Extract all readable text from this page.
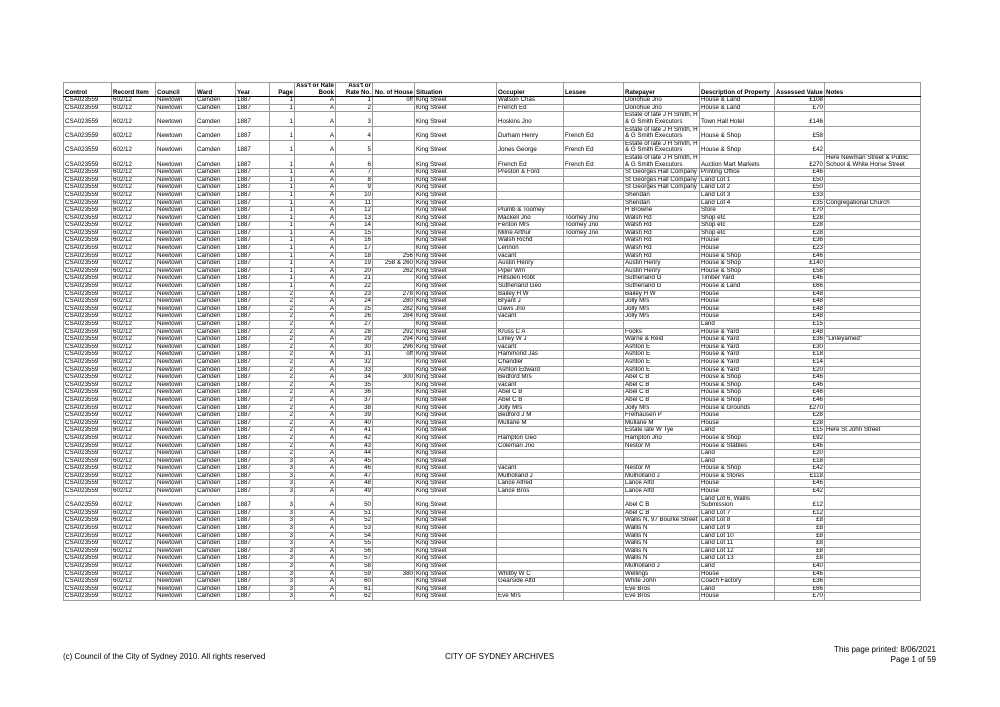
Control	Record Item	Council	Ward	Year	Page	Ass't or Rate Book	Ass't or Rate No.	No. of House	Situation	Occupier	Lessee	Ratepayer	Description of Property	Assessed Value	Notes
CSA023559	602/12	Newtown	Camden	1887	1	A	1	off	King Street	Watson Chas		Donohue Jno	House & Land	£108	
CSA023559	602/12	Newtown	Camden	1887	1	A	2		King Street	French Ed		Donohue Jno	House & Land	£70	
CSA023559	602/12	Newtown	Camden	1887	1	A	3		King Street	Hoskins Jno		Estate of late J H Smith, H & G Smith Executors	Town Hall Hotel	£146	
CSA023559	602/12	Newtown	Camden	1887	1	A	4		King Street	Durham Henry	French Ed	Estate of late J H Smith, H & G Smith Executors	House & Shop	£58	
CSA023559	602/12	Newtown	Camden	1887	1	A	5		King Street	Jones George	French Ed	Estate of late J H Smith, H & G Smith Executors	House & Shop	£42	
CSA023559	602/12	Newtown	Camden	1887	1	A	6		King Street	French Ed	French Ed	Estate of late J H Smith, H & G Smith Executors	Auction Mart Markets	£270	Here Newman Street & Public School & White Horse Street
CSA023559	602/12	Newtown	Camden	1887	1	A	7		King Street	Preston & Ford		St Georges Hall Company	Printing Office	£46	
CSA023559	602/12	Newtown	Camden	1887	1	A	8		King Street			St Georges Hall Company	Land Lot 1	£50	
CSA023559	602/12	Newtown	Camden	1887	1	A	9		King Street			St Georges Hall Company	Land Lot 2	£50	
CSA023559	602/12	Newtown	Camden	1887	1	A	10		King Street			Sheridan	Land Lot 3	£33	
CSA023559	602/12	Newtown	Camden	1887	1	A	11		King Street			Sheridan	Land Lot 4	£35	Congregational Church
CSA023559	602/12	Newtown	Camden	1887	1	A	12		King Street	Plumb & Toomey		H Browne	Store	£70	
CSA023559	602/12	Newtown	Camden	1887	1	A	13		King Street	Mackell Jno	Toomey Jno	Walsh Rd	Shop etc	£28	
CSA023559	602/12	Newtown	Camden	1887	1	A	14		King Street	Fenton Mrs	Toomey Jno	Walsh Rd	Shop etc	£28	
CSA023559	602/12	Newtown	Camden	1887	1	A	15		King Street	Milne Arthur	Toomey Jno	Walsh Rd	Shop etc	£28	
CSA023559	602/12	Newtown	Camden	1887	1	A	16		King Street	Walsh Richd		Walsh Rd	House	£36	
CSA023559	602/12	Newtown	Camden	1887	1	A	17		King Street	Lennon		Walsh Rd	House	£23	
CSA023559	602/12	Newtown	Camden	1887	1	A	18	256	King Street	vacant		Walsh Rd	House & Shop	£46	
CSA023559	602/12	Newtown	Camden	1887	1	A	19	258 & 260	King Street	Austin Henry		Austin Henry	House & Shop	£140	
CSA023559	602/12	Newtown	Camden	1887	1	A	20	262	King Street	Piper Wm		Austin Henry	House & Shop	£58	
CSA023559	602/12	Newtown	Camden	1887	1	A	21		King Street	Hillsden Robt		Sutherland G	Timber Yard	£46	
CSA023559	602/12	Newtown	Camden	1887	1	A	22		King Street	Sutherland Geo		Sutherland G	House & Land	£66	
CSA023559	602/12	Newtown	Camden	1887	2	A	23	278	King Street	Bailey H W		Bailey H W	House	£48	
CSA023559	602/12	Newtown	Camden	1887	2	A	24	280	King Street	Bryant J		Jolly Mrs	House	£48	
CSA023559	602/12	Newtown	Camden	1887	2	A	25	282	King Street	Davis Jno		Jolly Mrs	House	£48	
CSA023559	602/12	Newtown	Camden	1887	2	A	26	284	King Street	vacant		Jolly Mrs	House	£48	
CSA023559	602/12	Newtown	Camden	1887	2	A	27		King Street				Land	£15	
CSA023559	602/12	Newtown	Camden	1887	2	A	28	292	King Street	Kruss C A		Fooks	House & Yard	£48	
CSA023559	602/12	Newtown	Camden	1887	2	A	29	294	King Street	Linley W J		Warne & Reid	House & Yard	£36	"Linleyamed"
CSA023559	602/12	Newtown	Camden	1887	2	A	30	296	King Street	vacant		Ashton E	House & Yard	£30	
CSA023559	602/12	Newtown	Camden	1887	2	A	31	off	King Street	Hammond Jas		Ashton E	House & Yard	£18	
CSA023559	602/12	Newtown	Camden	1887	2	A	32		King Street	Chandler		Ashton E	House & Yard	£14	
CSA023559	602/12	Newtown	Camden	1887	2	A	33		King Street	Ashton Edward		Ashton E	House & Yard	£20	
CSA023559	602/12	Newtown	Camden	1887	2	A	34	300	King Street	Bedford Mrs		Abel C B	House & Shop	£46	
CSA023559	602/12	Newtown	Camden	1887	2	A	35		King Street	vacant		Abel C B	House & Shop	£46	
CSA023559	602/12	Newtown	Camden	1887	2	A	36		King Street	Abel C B		Abel C B	House & Shop	£46	
CSA023559	602/12	Newtown	Camden	1887	2	A	37		King Street	Abel C B		Abel C B	House & Shop	£46	
CSA023559	602/12	Newtown	Camden	1887	2	A	38		King Street	Jolly Mrs		Jolly Mrs	House & Grounds	£270	
CSA023559	602/12	Newtown	Camden	1887	2	A	39		King Street	Bedford J M		Frelhausen P	House	£28	
CSA023559	602/12	Newtown	Camden	1887	2	A	40		King Street	Mullane M		Mullane M	House	£28	
CSA023559	602/12	Newtown	Camden	1887	2	A	41		King Street			Estate late W Tye	Land	£15	Here St John Street
CSA023559	602/12	Newtown	Camden	1887	2	A	42		King Street	Hampton Geo		Hampton Jno	House & Shop	£92	
CSA023559	602/12	Newtown	Camden	1887	2	A	43		King Street	Coleman Jno		Nestor M	House & Stables	£46	
CSA023559	602/12	Newtown	Camden	1887	2	A	44		King Street				Land	£20	
CSA023559	602/12	Newtown	Camden	1887	3	A	45		King Street				Land	£18	
CSA023559	602/12	Newtown	Camden	1887	3	A	46		King Street	vacant		Nestor M	House & Shop	£42	
CSA023559	602/12	Newtown	Camden	1887	3	A	47		King Street	Mulholland J		Mulholland J	House & Stores	£118	
CSA023559	602/12	Newtown	Camden	1887	3	A	48		King Street	Lance Alfred		Lance Alfd	House	£46	
CSA023559	602/12	Newtown	Camden	1887	3	A	49		King Street	Lance Bros		Lance Alfd	House	£42	
CSA023559	602/12	Newtown	Camden	1887	3	A	50		King Street			Abel C B	Land Lot 6, Wallis Submission	£12	
CSA023559	602/12	Newtown	Camden	1887	3	A	51		King Street			Abel C B	Land Lot 7	£12	
CSA023559	602/12	Newtown	Camden	1887	3	A	52		King Street			Wallis N, 97 Bourke Street	Land Lot 8	£8	
CSA023559	602/12	Newtown	Camden	1887	3	A	53		King Street			Wallis N	Land Lot 9	£8	
CSA023559	602/12	Newtown	Camden	1887	3	A	54		King Street			Wallis N	Land Lot 10	£8	
CSA023559	602/12	Newtown	Camden	1887	3	A	55		King Street			Wallis N	Land Lot 11	£8	
CSA023559	602/12	Newtown	Camden	1887	3	A	56		King Street			Wallis N	Land Lot 12	£8	
CSA023559	602/12	Newtown	Camden	1887	3	A	57		King Street			Wallis N	Land Lot 13	£8	
CSA023559	602/12	Newtown	Camden	1887	3	A	58		King Street			Mulholland J	Land	£40	
CSA023559	602/12	Newtown	Camden	1887	3	A	59	380	King Street	Whitby W C		Wellings	House	£46	
CSA023559	602/12	Newtown	Camden	1887	3	A	60		King Street	Gearside Alfd		White John	Coach Factory	£36	
CSA023559	602/12	Newtown	Camden	1887	3	A	61		King Street			Eve Bros	Land	£66	
CSA023559	602/12	Newtown	Camden	1887	3	A	62		King Street	Eve Mrs		Eve Bros	House	£70	
(c) Council of the City of Sydney 2010. All rights reserved	CITY OF SYDNEY ARCHIVES
This page printed: 8/06/2021
Page 1 of 59
